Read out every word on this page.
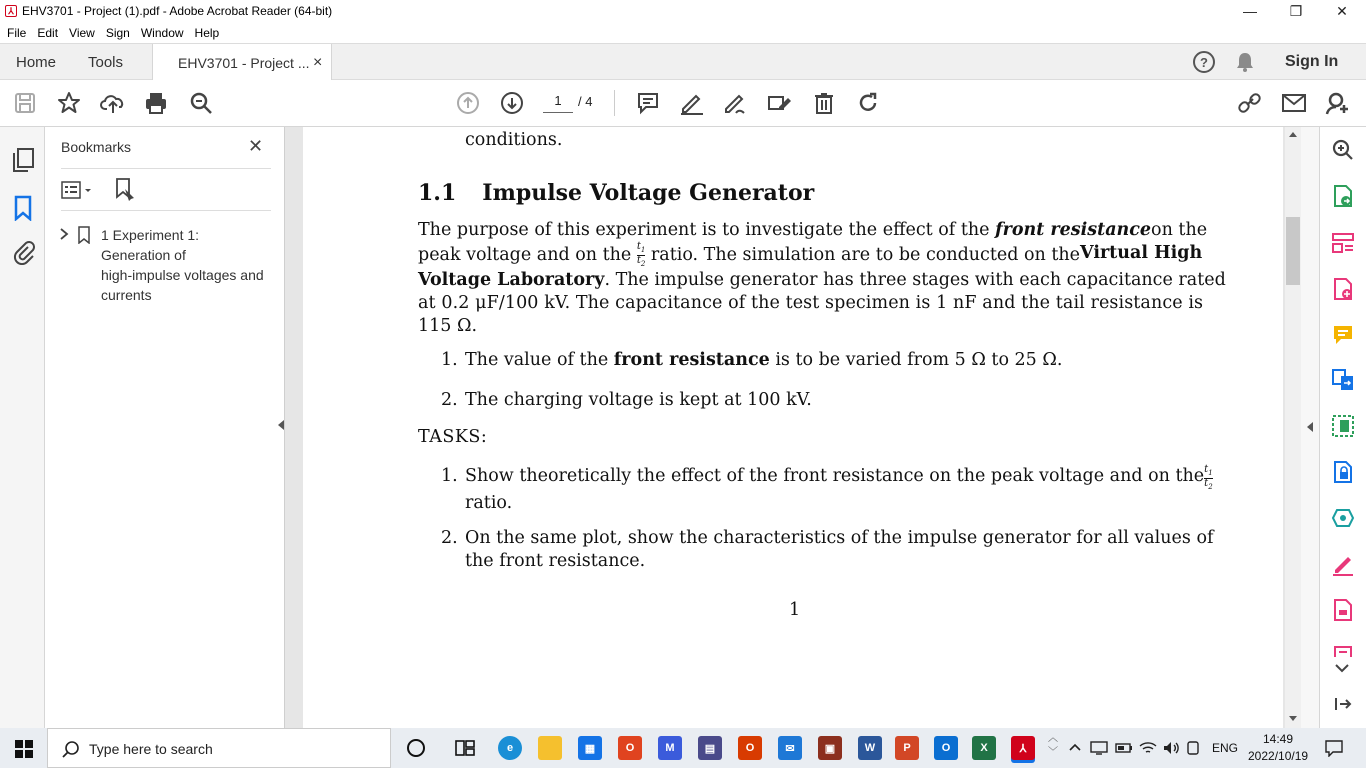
⅄ EHV3701 - Project (1).pdf - Adobe Acrobat Reader (64-bit)	—	❐	✕
File Edit View Sign Window Help
Home Tools	EHV3701 - Project ... ×	?	Sign In
1	/ 4
Bookmarks	✕
1 Experiment 1:
Generation of
high-impulse voltages and
currents
conditions.
1.1 Impulse Voltage Generator
The purpose of this experiment is to investigate the effect of the front resistance on the
peak voltage and on the $\frac{t_1}{t_2}$ ratio. The simulation are to be conducted on the Virtual High
Voltage Laboratory . The impulse generator has three stages with each capacitance rated
at 0.2 μF/100 kV. The capacitance of the test specimen is 1 nF and the tail resistance is
115 Ω.
1. The value of the front resistance is to be varied from 5 Ω to 25 Ω.
2. The charging voltage is kept at 100 kV.
TASKS:
1. Show theoretically the effect of the front resistance on the peak voltage and on the $t_1$
$t_2$
ratio.
2. On the same plot, show the characteristics of the impulse generator for all values of
the front resistance.
1
Type here to search	e	▦	O	M	▤	O	✉	▣	W	P	O	X	⅄
︿
﹀	ENG
14:49
2022/10/19
